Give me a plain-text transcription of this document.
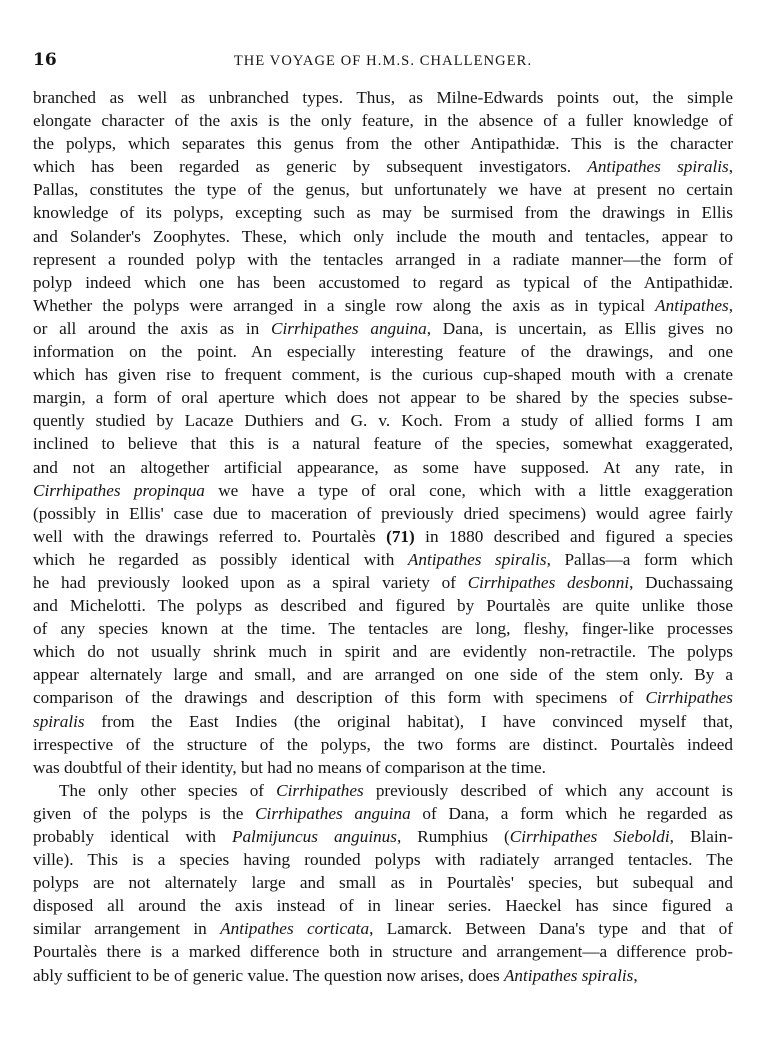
16	THE VOYAGE OF H.M.S. CHALLENGER.
branched as well as unbranched types. Thus, as Milne-Edwards points out, the simple
elongate character of the axis is the only feature, in the absence of a fuller knowledge of
the polyps, which separates this genus from the other Antipathidæ. This is the character
which has been regarded as generic by subsequent investigators. Antipathes spiralis,
Pallas, constitutes the type of the genus, but unfortunately we have at present no certain
knowledge of its polyps, excepting such as may be surmised from the drawings in Ellis
and Solander's Zoophytes. These, which only include the mouth and tentacles, appear to
represent a rounded polyp with the tentacles arranged in a radiate manner—the form of
polyp indeed which one has been accustomed to regard as typical of the Antipathidæ.
Whether the polyps were arranged in a single row along the axis as in typical Antipathes,
or all around the axis as in Cirrhipathes anguina, Dana, is uncertain, as Ellis gives no
information on the point. An especially interesting feature of the drawings, and one
which has given rise to frequent comment, is the curious cup-shaped mouth with a crenate
margin, a form of oral aperture which does not appear to be shared by the species subse-
quently studied by Lacaze Duthiers and G. v. Koch. From a study of allied forms I am
inclined to believe that this is a natural feature of the species, somewhat exaggerated,
and not an altogether artificial appearance, as some have supposed. At any rate, in
Cirrhipathes propinqua we have a type of oral cone, which with a little exaggeration
(possibly in Ellis' case due to maceration of previously dried specimens) would agree fairly
well with the drawings referred to. Pourtalès (71) in 1880 described and figured a species
which he regarded as possibly identical with Antipathes spiralis, Pallas—a form which
he had previously looked upon as a spiral variety of Cirrhipathes desbonni, Duchassaing
and Michelotti. The polyps as described and figured by Pourtalès are quite unlike those
of any species known at the time. The tentacles are long, fleshy, finger-like processes
which do not usually shrink much in spirit and are evidently non-retractile. The polyps
appear alternately large and small, and are arranged on one side of the stem only. By a
comparison of the drawings and description of this form with specimens of Cirrhipathes
spiralis from the East Indies (the original habitat), I have convinced myself that,
irrespective of the structure of the polyps, the two forms are distinct. Pourtalès indeed
was doubtful of their identity, but had no means of comparison at the time.
The only other species of Cirrhipathes previously described of which any account is
given of the polyps is the Cirrhipathes anguina of Dana, a form which he regarded as
probably identical with Palmijuncus anguinus, Rumphius (Cirrhipathes Sieboldi, Blain-
ville). This is a species having rounded polyps with radiately arranged tentacles. The
polyps are not alternately large and small as in Pourtalès' species, but subequal and
disposed all around the axis instead of in linear series. Haeckel has since figured a
similar arrangement in Antipathes corticata, Lamarck. Between Dana's type and that of
Pourtalès there is a marked difference both in structure and arrangement—a difference prob-
ably sufficient to be of generic value. The question now arises, does Antipathes spiralis,
